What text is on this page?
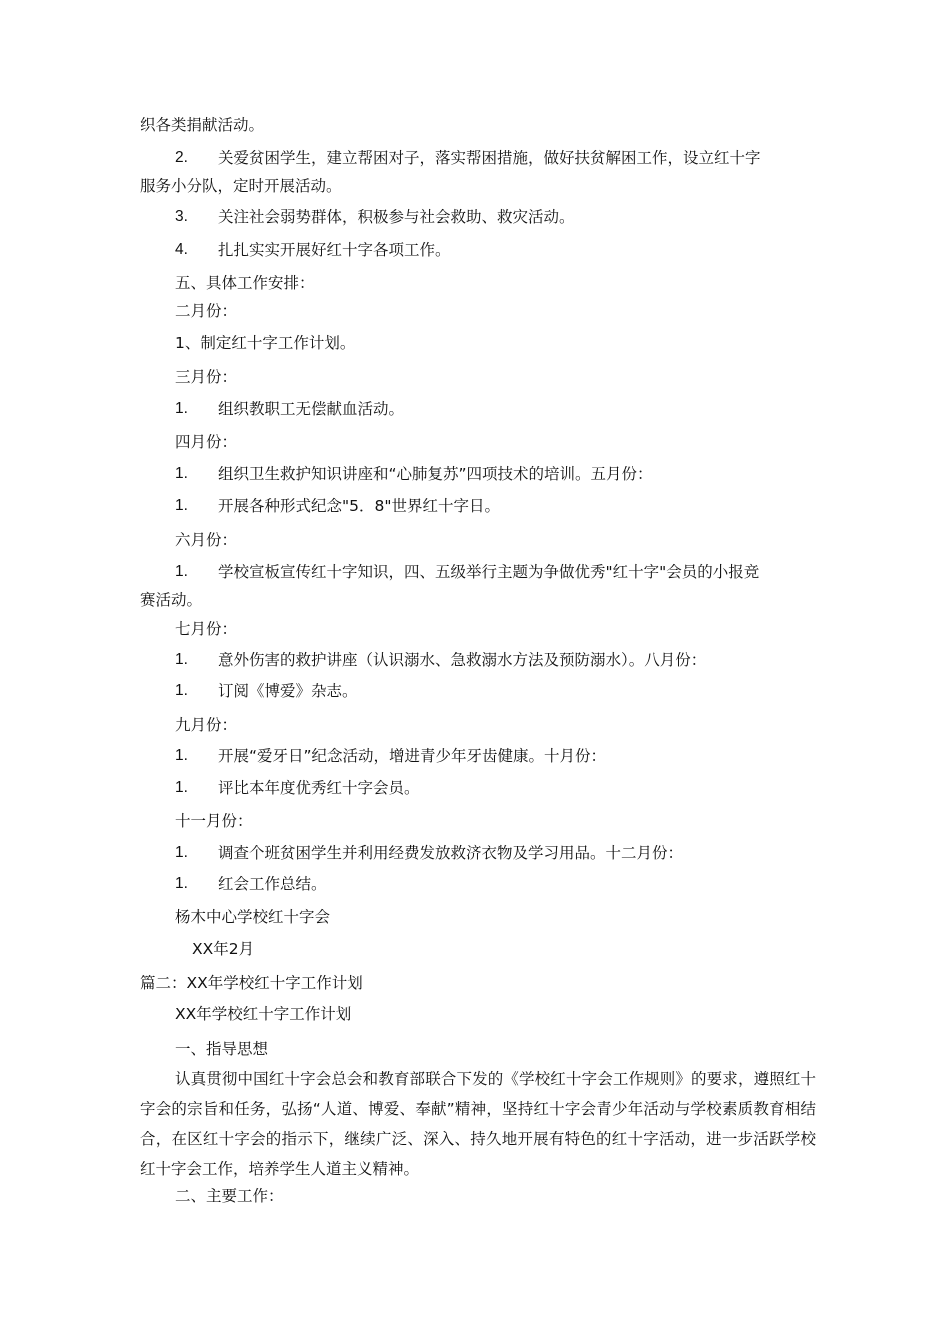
织各类捐献活动。
2. 关爱贫困学生，建立帮困对子，落实帮困措施，做好扶贫解困工作，设立红十字
服务小分队，定时开展活动。
3. 关注社会弱势群体，积极参与社会救助、救灾活动。
4. 扎扎实实开展好红十字各项工作。
五、具体工作安排：
二月份：
1、制定红十字工作计划。
三月份：
1. 组织教职工无偿献血活动。
四月份：
1. 组织卫生救护知识讲座和“心肺复苏”四项技术的培训。五月份：
1. 开展各种形式纪念"5．8"世界红十字日。
六月份：
1. 学校宣板宣传红十字知识，四、五级举行主题为争做优秀"红十字"会员的小报竞
赛活动。
七月份：
1. 意外伤害的救护讲座（认识溺水、急救溺水方法及预防溺水）。八月份：
1. 订阅《博爱》杂志。
九月份：
1. 开展“爱牙日”纪念活动，增进青少年牙齿健康。十月份：
1. 评比本年度优秀红十字会员。
十一月份：
1. 调查个班贫困学生并利用经费发放救济衣物及学习用品。十二月份：
1. 红会工作总结。
杨木中心学校红十字会
XX年2月
篇二：XX年学校红十字工作计划
XX年学校红十字工作计划
一、指导思想
认真贯彻中国红十字会总会和教育部联合下发的《学校红十字会工作规则》的要求，遵照红十字会的宗旨和任务，弘扬“人道、博爱、奉献”精神，坚持红十字会青少年活动与学校素质教育相结合，在区红十字会的指示下，继续广泛、深入、持久地开展有特色的红十字活动，进一步活跃学校红十字会工作，培养学生人道主义精神。
二、主要工作：
